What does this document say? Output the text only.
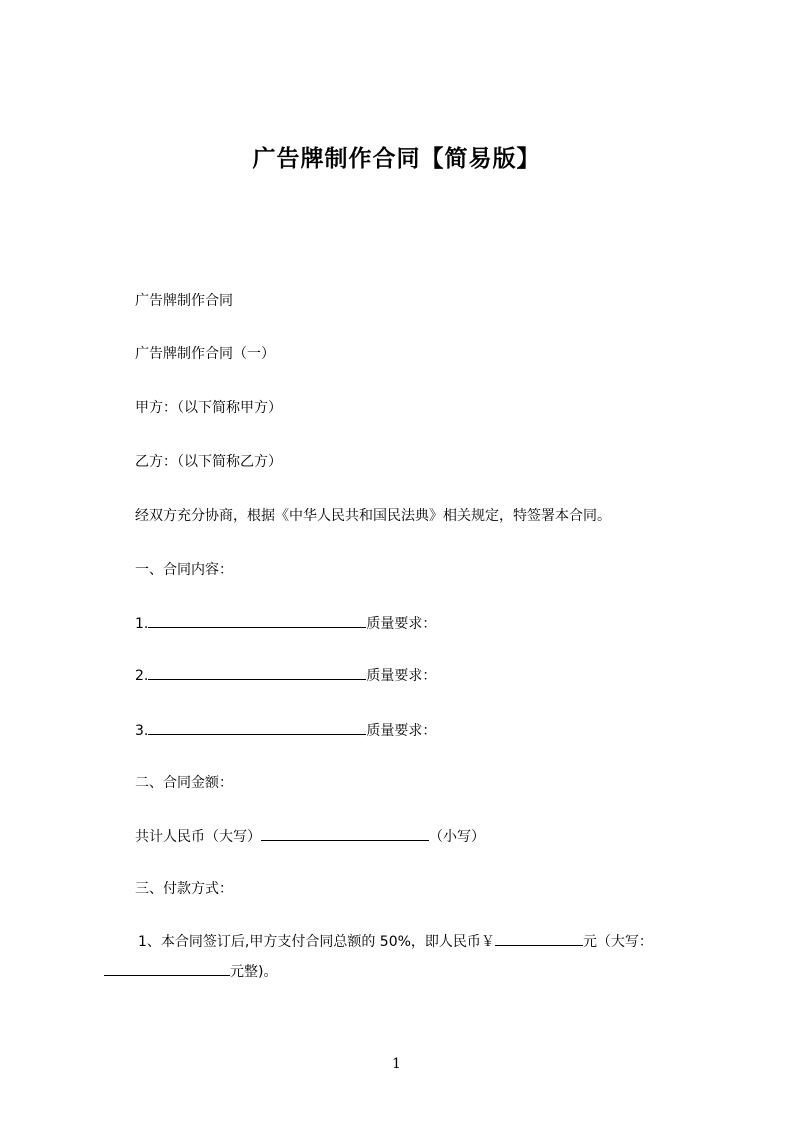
广告牌制作合同【简易版】
广告牌制作合同
广告牌制作合同（一）
甲方：（以下简称甲方）
乙方：（以下简称乙方）
经双方充分协商，根据《中华人民共和国民法典》相关规定，特签署本合同。
一、合同内容：
1.	质量要求：
2.	质量要求：
3.	质量要求：
二、合同金额：
共计人民币（大写）	（小写）
三、付款方式：
1、本合同签订后,甲方支付合同总额的 50%，即人民币￥	元（大写：
元整)。
1
